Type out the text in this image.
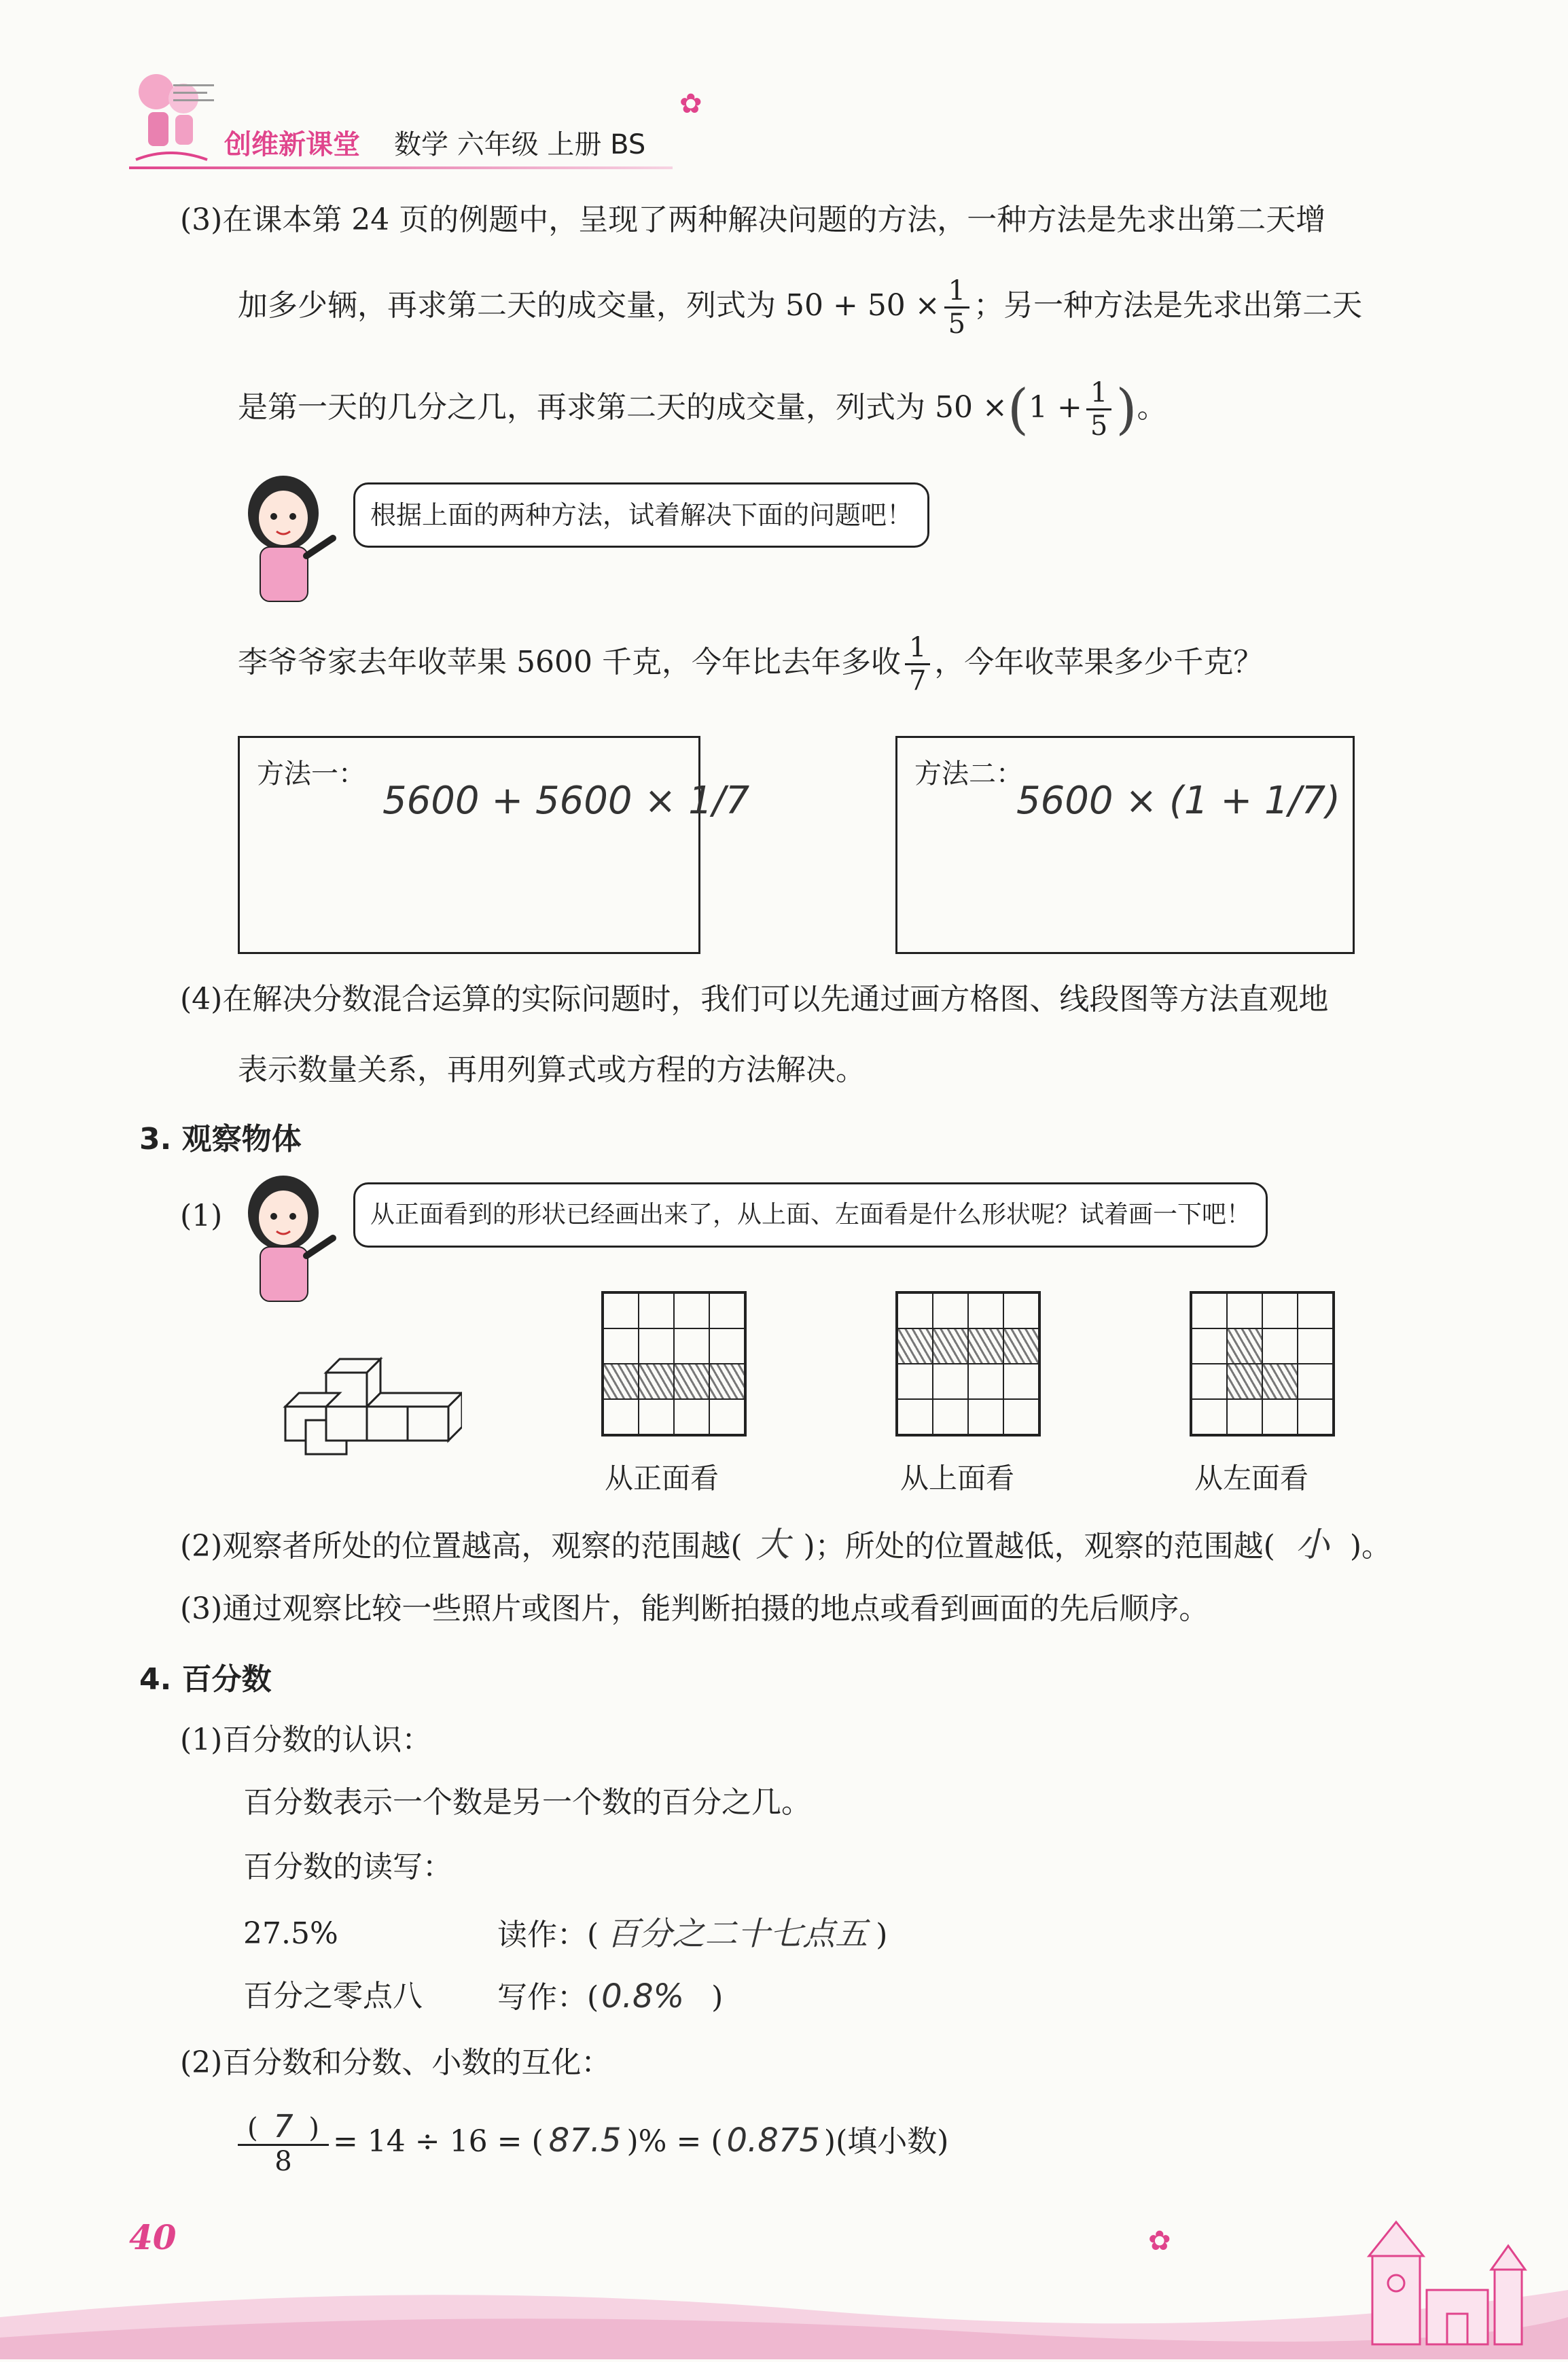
创维新课堂 数学 六年级 上册 BS
✿
(3)在课本第 24 页的例题中，呈现了两种解决问题的方法，一种方法是先求出第二天增
加多少辆，再求第二天的成交量，列式为 $50 + 50 \times \frac{1}{5}$ ；另一种方法是先求出第二天
是第一天的几分之几，再求第二天的成交量，列式为 $50 \times(1 + \frac{1}{5}$ )。
根据上面的两种方法，试着解决下面的问题吧！
李爷爷家去年收苹果 5600 千克，今年比去年多收 $\frac{1}{7}$ ，今年收苹果多少千克？
方法一：
5600 + 5600 × 1/7
方法二：
5600 × (1 + 1/7)
(4)在解决分数混合运算的实际问题时，我们可以先通过画方格图、线段图等方法直观地
表示数量关系，再用列算式或方程的方法解决。
3. 观察物体
(1)	从正面看到的形状已经画出来了，从上面、左面看是什么形状呢？试着画一下吧！
从正面看	从上面看	从左面看
(2)观察者所处的位置越高，观察的范围越( 大 )；所处的位置越低，观察的范围越( 小 )。
(3)通过观察比较一些照片或图片，能判断拍摄的地点或看到画面的先后顺序。
4. 百分数
(1)百分数的认识：
百分数表示一个数是另一个数的百分之几。
百分数的读写：
27.5%	读作：( 百分之二十七点五 )
百分之零点八	写作：(0.8% )
(2)百分数和分数、小数的互化：
$\frac{( 7 )}{8} = 14 \div 16$ = ( 87.5 )% = ( 0.875 )(填小数)
40	✿
